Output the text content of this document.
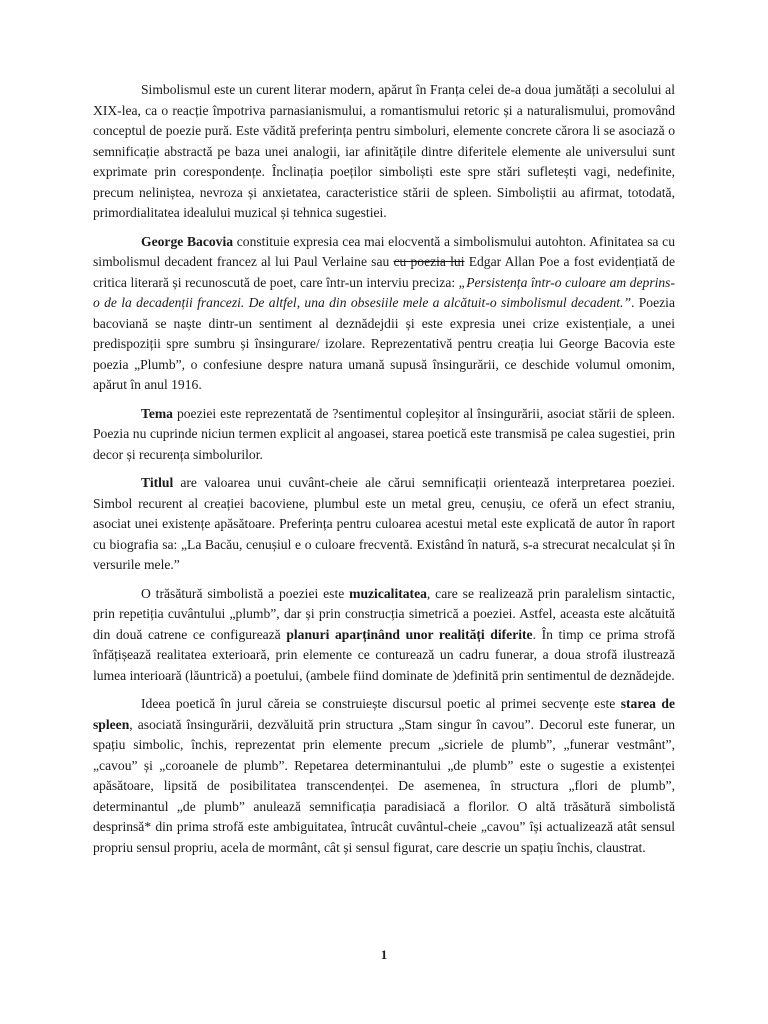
Simbolismul este un curent literar modern, apărut în Franța celei de-a doua jumătăți a secolului al XIX-lea, ca o reacție împotriva parnasianismului, a romantismului retoric și a naturalismului, promovând conceptul de poezie pură. Este vădită preferința pentru simboluri, elemente concrete cărora li se asociază o semnificație abstractă pe baza unei analogii, iar afinitățile dintre diferitele elemente ale universului sunt exprimate prin corespondențe. Înclinația poeților simboliști este spre stări sufletești vagi, nedefinite, precum neliniștea, nevroza și anxietatea, caracteristice stării de spleen. Simboliștii au afirmat, totodată, primordialitatea idealului muzical și tehnica sugestiei.

George Bacovia constituie expresia cea mai elocventă a simbolismului autohton. Afinitatea sa cu simbolismul decadent francez al lui Paul Verlaine sau cu poezia lui Edgar Allan Poe a fost evidențiată de critica literară și recunoscută de poet, care într-un interviu preciza: „Persistența într-o culoare am deprins-o de la decadenții francezi. De altfel, una din obsesiile mele a alcătuit-o simbolismul decadent.”. Poezia bacoviană se naște dintr-un sentiment al deznădejdii și este expresia unei crize existențiale, a unei predispoziții spre sumbru și însingurare/ izolare. Reprezentativă pentru creația lui George Bacovia este poezia „Plumb”, o confesiune despre natura umană supusă însingurării, ce deschide volumul omonim, apărut în anul 1916.

Tema poeziei este reprezentată de ?sentimentul copleșitor al însingurării, asociat stării de spleen. Poezia nu cuprinde niciun termen explicit al angoasei, starea poetică este transmisă pe calea sugestiei, prin decor și recurența simbolurilor.

Titlul are valoarea unui cuvânt-cheie ale cărui semnificații orientează interpretarea poeziei. Simbol recurent al creației bacoviene, plumbul este un metal greu, cenușiu, ce oferă un efect straniu, asociat unei existențe apăsătoare. Preferința pentru culoarea acestui metal este explicată de autor în raport cu biografia sa: „La Bacău, cenușiul e o culoare frecventă. Existând în natură, s-a strecurat necalculat și în versurile mele.”

O trăsătură simbolistă a poeziei este muzicalitatea, care se realizează prin paralelism sintactic, prin repetiția cuvântului „plumb”, dar și prin construcția simetrică a poeziei. Astfel, aceasta este alcătuită din două catrene ce configurează planuri aparținând unor realități diferite. În timp ce prima strofă înfățișează realitatea exterioară, prin elemente ce conturează un cadru funerar, a doua strofă ilustrează lumea interioară (lăuntrică) a poetului, (ambele fiind dominate de )definită prin sentimentul de deznădejde.

Ideea poetică în jurul căreia se construiește discursul poetic al primei secvențe este starea de spleen, asociată însingurării, dezvăluită prin structura „Stam singur în cavou”. Decorul este funerar, un spațiu simbolic, închis, reprezentat prin elemente precum „sicriele de plumb”, „funerar vestmânt”, „cavou” și „coroanele de plumb”. Repetarea determinantului „de plumb” este o sugestie a existenței apăsătoare, lipsită de posibilitatea transcendenței. De asemenea, în structura „flori de plumb”, determinantul „de plumb” anulează semnificația paradisiacă a florilor. O altă trăsătură simbolistă desprinsă* din prima strofă este ambiguitatea, întrucât cuvântul-cheie „cavou” își actualizează atât sensul propriu sensul propriu, acela de mormânt, cât și sensul figurat, care descrie un spațiu închis, claustrat.

1
